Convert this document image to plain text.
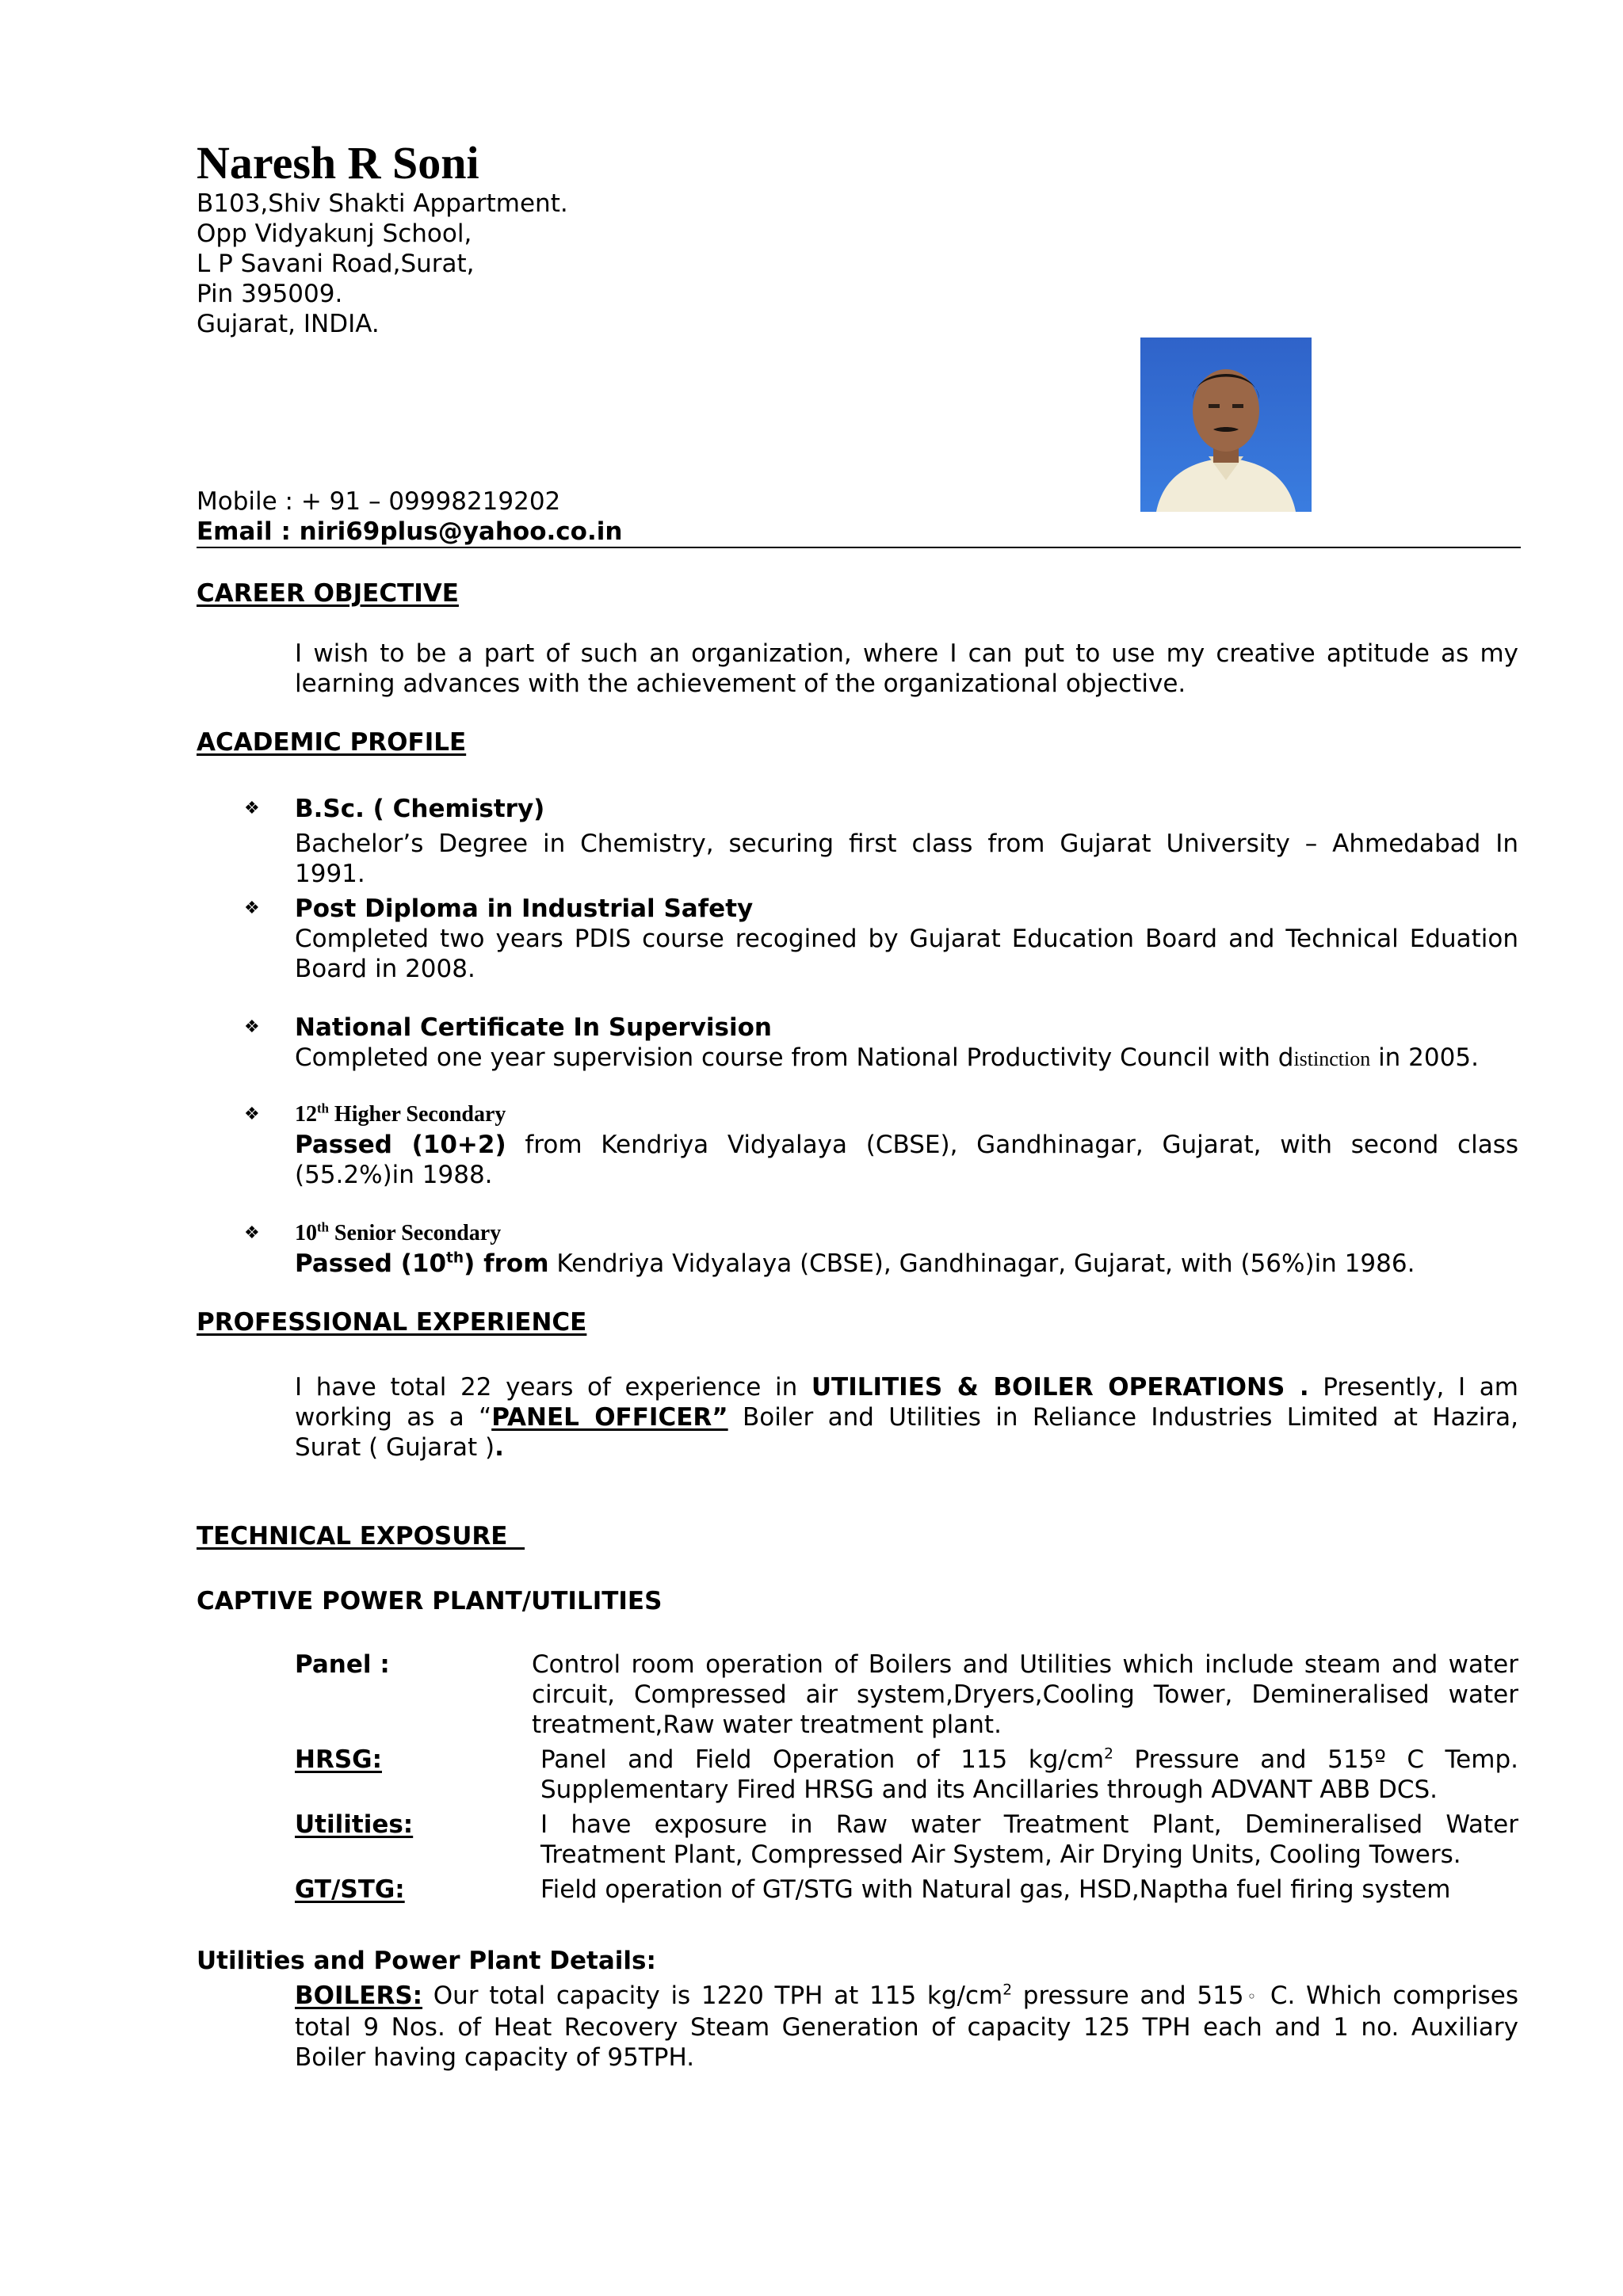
Naresh R Soni
B103,Shiv Shakti Appartment.
Opp Vidyakunj School,
L P Savani Road,Surat,
Pin 395009.
Gujarat, INDIA.
Mobile : + 91 – 09998219202
Email : niri69plus@yahoo.co.in
CAREER OBJECTIVE
I wish to be a part of such an organization, where I can put to use my creative aptitude as my
learning advances with the achievement of the organizational objective.
ACADEMIC PROFILE
❖ B.Sc. ( Chemistry)
Bachelor’s Degree in Chemistry, securing first class from Gujarat University – Ahmedabad In
1991.
❖ Post Diploma in Industrial Safety
Completed two years PDIS course recogined by Gujarat Education Board and Technical Eduation
Board in 2008.
❖ National Certificate In Supervision
Completed one year supervision course from National Productivity Council with distinction in 2005.
❖ 12th Higher Secondary
Passed (10+2) from Kendriya Vidyalaya (CBSE), Gandhinagar, Gujarat, with second class
(55.2%)in 1988.
❖ 10th Senior Secondary
Passed (10th) from Kendriya Vidyalaya (CBSE), Gandhinagar, Gujarat, with (56%)in 1986.
PROFESSIONAL EXPERIENCE
I have total 22 years of experience in UTILITIES & BOILER OPERATIONS . Presently, I am
working as a “PANEL OFFICER” Boiler and Utilities in Reliance Industries Limited at Hazira,
Surat ( Gujarat ).
TECHNICAL EXPOSURE
CAPTIVE POWER PLANT/UTILITIES
Panel :	Control room operation of Boilers and Utilities which include steam and water
circuit, Compressed air system,Dryers,Cooling Tower, Demineralised water
treatment,Raw water treatment plant.
HRSG:	Panel and Field Operation of 115 $kg/cm^2$ Pressure and 515º C Temp.
Supplementary Fired HRSG and its Ancillaries through ADVANT ABB DCS.
Utilities:	I have exposure in Raw water Treatment Plant, Demineralised Water
Treatment Plant, Compressed Air System, Air Drying Units, Cooling Towers.
GT/STG:	Field operation of GT/STG with Natural gas, HSD,Naptha fuel firing system
Utilities and Power Plant Details:
BOILERS: Our total capacity is 1220 TPH at 115 $kg/cm^2$ pressure and 515◦ C. Which comprises
total 9 Nos. of Heat Recovery Steam Generation of capacity 125 TPH each and 1 no. Auxiliary
Boiler having capacity of 95TPH.
